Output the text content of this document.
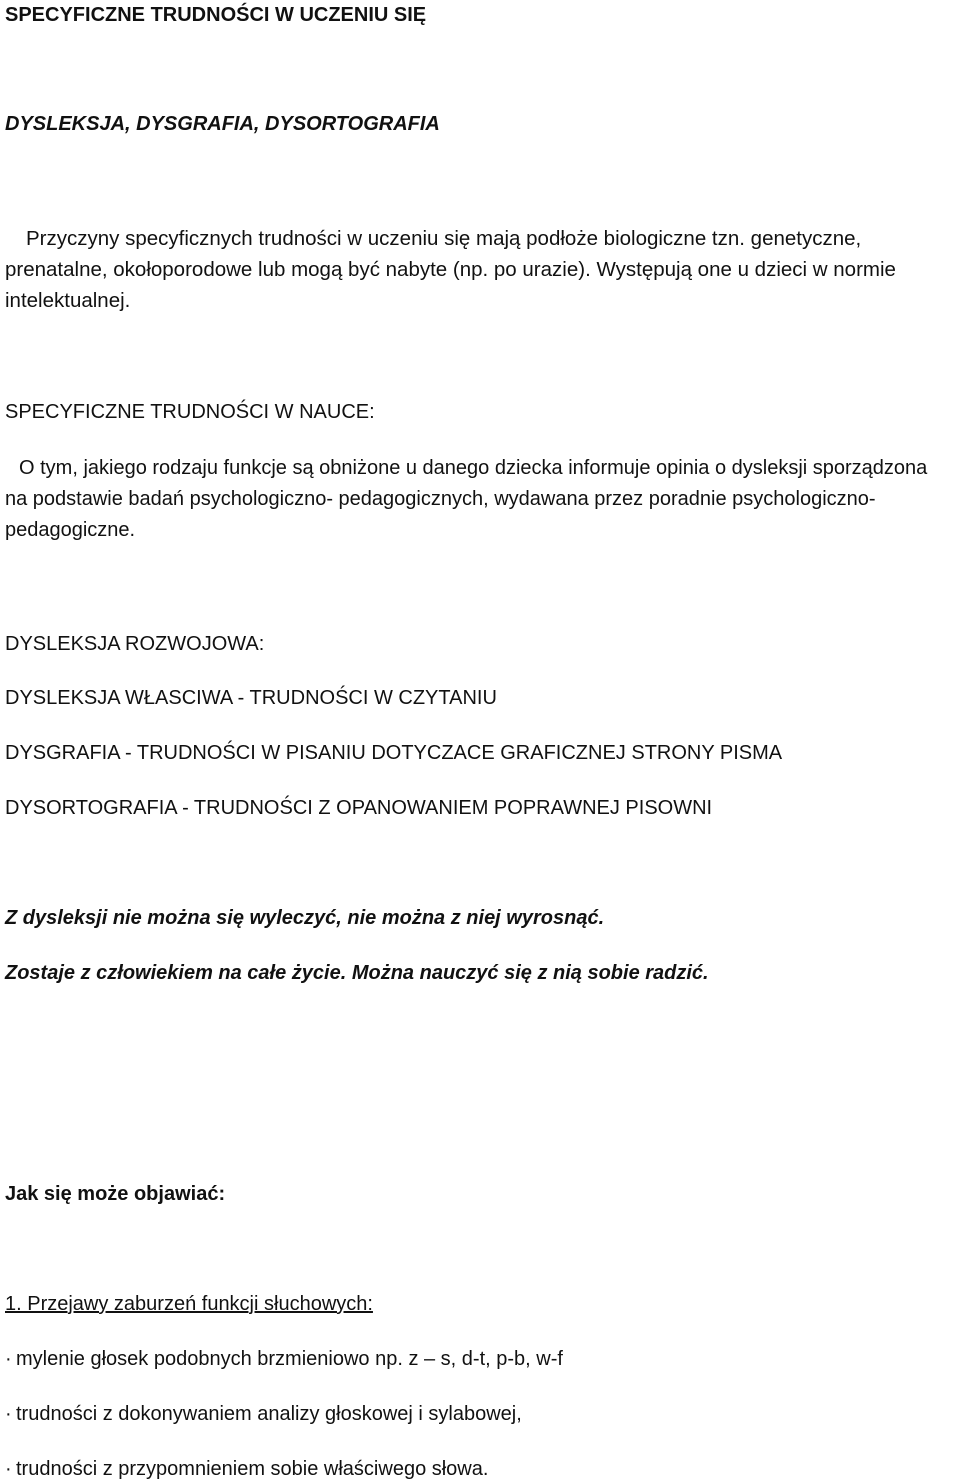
SPECYFICZNE TRUDNOŚCI W UCZENIU SIĘ
DYSLEKSJA, DYSGRAFIA, DYSORTOGRAFIA

Przyczyny specyficznych trudności w uczeniu się mają podłoże biologiczne tzn. genetyczne, prenatalne, okołoporodowe lub mogą być nabyte (np. po urazie). Występują one u dzieci w normie intelektualnej.

SPECYFICZNE TRUDNOŚCI W NAUCE:

O tym, jakiego rodzaju funkcje są obniżone u danego dziecka informuje opinia o dysleksji sporządzona na podstawie badań psychologiczno- pedagogicznych, wydawana przez poradnie psychologiczno- pedagogiczne.

DYSLEKSJA ROZWOJOWA:
DYSLEKSJA WŁASCIWA - TRUDNOŚCI W CZYTANIU
DYSGRAFIA - TRUDNOŚCI W PISANIU DOTYCZACE GRAFICZNEJ STRONY PISMA
DYSORTOGRAFIA - TRUDNOŚCI Z OPANOWANIEM POPRAWNEJ PISOWNI
Z dysleksji nie można się wyleczyć, nie można z niej wyrosnąć.
Zostaje z człowiekiem na całe życie. Można nauczyć się z nią sobie radzić.
Jak się może objawiać:
1. Przejawy zaburzeń funkcji słuchowych:
· mylenie głosek podobnych brzmieniowo np. z – s, d-t, p-b, w-f
· trudności z dokonywaniem analizy głoskowej i sylabowej,
· trudności z przypomnieniem sobie właściwego słowa.
